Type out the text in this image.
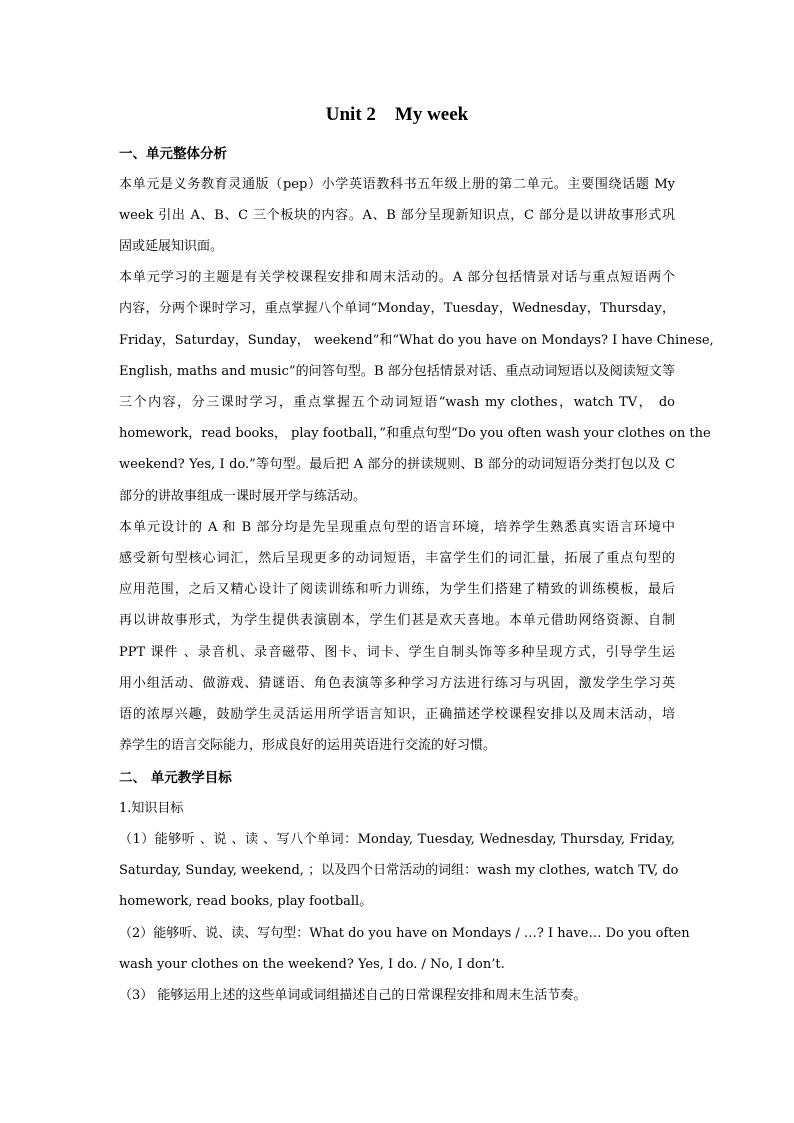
Unit 2    My week
一、单元整体分析
本单元是义务教育灵通版（pep）小学英语教科书五年级上册的第二单元。主要围绕话题 My
week 引出 A、B、C 三个板块的内容。A、B 部分呈现新知识点，C 部分是以讲故事形式巩
固或延展知识面。
本单元学习的主题是有关学校课程安排和周末活动的。A 部分包括情景对话与重点短语两个
内容，分两个课时学习，重点掌握八个单词“Monday，Tuesday，Wednesday，Thursday，
Friday，Saturday，Sunday， weekend”和“What do you have on Mondays? I have Chinese,
English, maths and music”的问答句型。B 部分包括情景对话、重点动词短语以及阅读短文等
三个内容，分三课时学习，重点掌握五个动词短语“wash my clothes，watch TV， do
homework，read books， play football，”和重点句型“Do you often wash your clothes on the
weekend? Yes, I do.”等句型。最后把 A 部分的拼读规则、B 部分的动词短语分类打包以及 C
部分的讲故事组成一课时展开学与练活动。
本单元设计的 A 和 B 部分均是先呈现重点句型的语言环境，培养学生熟悉真实语言环境中
感受新句型核心词汇，然后呈现更多的动词短语，丰富学生们的词汇量，拓展了重点句型的
应用范围，之后又精心设计了阅读训练和听力训练，为学生们搭建了精致的训练模板，最后
再以讲故事形式，为学生提供表演剧本，学生们甚是欢天喜地。本单元借助网络资源、自制
PPT 课件 、录音机、录音磁带、图卡、词卡、学生自制头饰等多种呈现方式，引导学生运
用小组活动、做游戏、猜谜语、角色表演等多种学习方法进行练习与巩固，激发学生学习英
语的浓厚兴趣，鼓励学生灵活运用所学语言知识，正确描述学校课程安排以及周末活动，培
养学生的语言交际能力，形成良好的运用英语进行交流的好习惯。
二、 单元教学目标
1.知识目标
（1）能够听 、说 、读 、写八个单词：Monday, Tuesday, Wednesday, Thursday, Friday,
Saturday, Sunday, weekend, ；以及四个日常活动的词组：wash my clothes, watch TV, do
homework, read books, play football。
（2）能够听、说、读、写句型：What do you have on Mondays / …? I have… Do you often
wash your clothes on the weekend? Yes, I do. / No, I don’t.
（3） 能够运用上述的这些单词或词组描述自己的日常课程安排和周末生活节奏。
